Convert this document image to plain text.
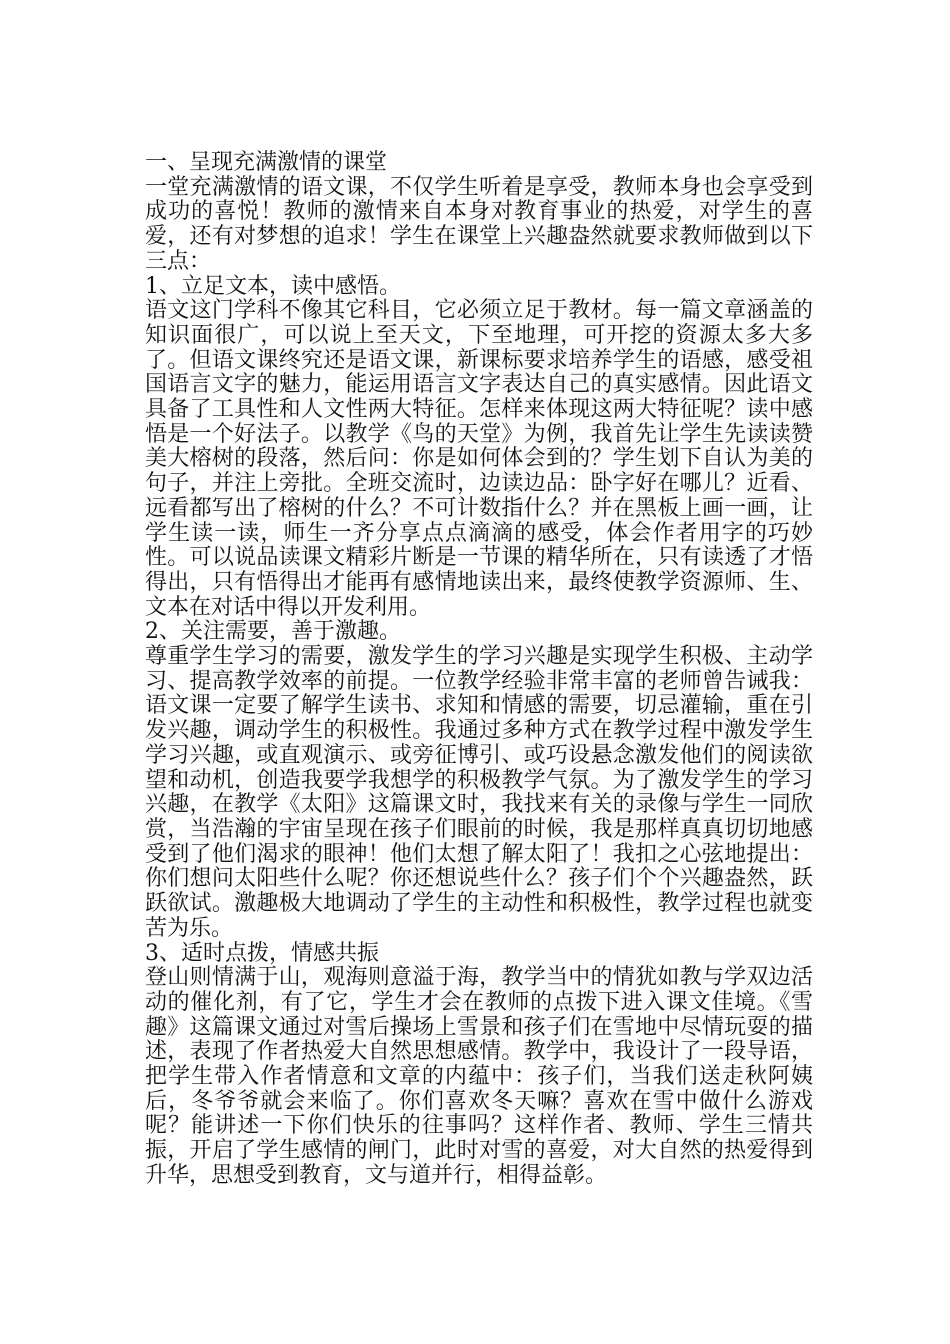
一、呈现充满激情的课堂

一堂充满激情的语文课，不仅学生听着是享受，教师本身也会享受到成功的喜悦！教师的激情来自本身对教育事业的热爱，对学生的喜爱，还有对梦想的追求！学生在课堂上兴趣盎然就要求教师做到以下三点：

1、立足文本，读中感悟。

语文这门学科不像其它科目，它必须立足于教材。每一篇文章涵盖的知识面很广，可以说上至天文，下至地理，可开挖的资源太多大多了。但语文课终究还是语文课，新课标要求培养学生的语感，感受祖国语言文字的魅力，能运用语言文字表达自己的真实感情。因此语文具备了工具性和人文性两大特征。怎样来体现这两大特征呢？读中感悟是一个好法子。以教学《鸟的天堂》为例，我首先让学生先读读赞美大榕树的段落，然后问：你是如何体会到的？学生划下自认为美的句子，并注上旁批。全班交流时，边读边品：卧字好在哪儿？近看、远看都写出了榕树的什么？不可计数指什么？并在黑板上画一画，让学生读一读，师生一齐分享点点滴滴的感受，体会作者用字的巧妙性。可以说品读课文精彩片断是一节课的精华所在，只有读透了才悟得出，只有悟得出才能再有感情地读出来，最终使教学资源师、生、文本在对话中得以开发利用。

2、关注需要，善于激趣。

尊重学生学习的需要，激发学生的学习兴趣是实现学生积极、主动学习、提高教学效率的前提。一位教学经验非常丰富的老师曾告诫我：语文课一定要了解学生读书、求知和情感的需要，切忌灌输，重在引发兴趣，调动学生的积极性。我通过多种方式在教学过程中激发学生学习兴趣，或直观演示、或旁征博引、或巧设悬念激发他们的阅读欲望和动机，创造我要学我想学的积极教学气氛。为了激发学生的学习兴趣，在教学《太阳》这篇课文时，我找来有关的录像与学生一同欣赏，当浩瀚的宇宙呈现在孩子们眼前的时候，我是那样真真切切地感受到了他们渴求的眼神！他们太想了解太阳了！我扣之心弦地提出：你们想问太阳些什么呢？你还想说些什么？孩子们个个兴趣盎然，跃跃欲试。激趣极大地调动了学生的主动性和积极性，教学过程也就变苦为乐。

3、适时点拨，情感共振

登山则情满于山，观海则意溢于海，教学当中的情犹如教与学双边活动的催化剂，有了它，学生才会在教师的点拨下进入课文佳境。《雪趣》这篇课文通过对雪后操场上雪景和孩子们在雪地中尽情玩耍的描述，表现了作者热爱大自然思想感情。教学中，我设计了一段导语，把学生带入作者情意和文章的内蕴中：孩子们，当我们送走秋阿姨后，冬爷爷就会来临了。你们喜欢冬天嘛？喜欢在雪中做什么游戏呢？能讲述一下你们快乐的往事吗？这样作者、教师、学生三情共振，开启了学生感情的闸门，此时对雪的喜爱，对大自然的热爱得到升华，思想受到教育，文与道并行，相得益彰。
